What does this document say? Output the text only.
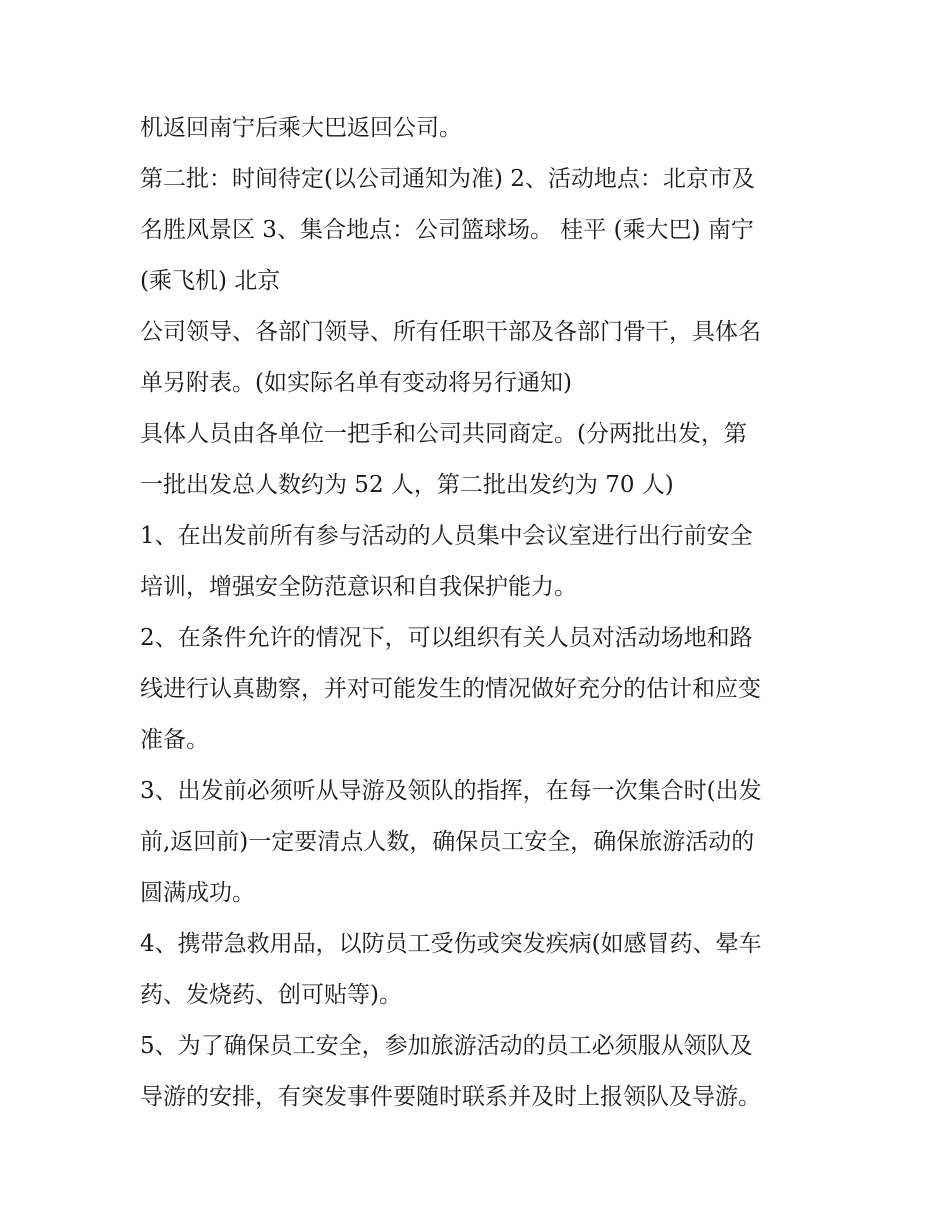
机返回南宁后乘大巴返回公司。
第二批：时间待定(以公司通知为准) 2、活动地点：北京市及
名胜风景区 3、集合地点：公司篮球场。 桂平 (乘大巴) 南宁
(乘飞机) 北京
公司领导、各部门领导、所有任职干部及各部门骨干，具体名
单另附表。(如实际名单有变动将另行通知)
具体人员由各单位一把手和公司共同商定。(分两批出发，第
一批出发总人数约为 52 人，第二批出发约为 70 人)
1、在出发前所有参与活动的人员集中会议室进行出行前安全
培训，增强安全防范意识和自我保护能力。
2、在条件允许的情况下，可以组织有关人员对活动场地和路
线进行认真勘察，并对可能发生的情况做好充分的估计和应变
准备。
3、出发前必须听从导游及领队的指挥，在每一次集合时(出发
前,返回前)一定要清点人数，确保员工安全，确保旅游活动的
圆满成功。
4、携带急救用品，以防员工受伤或突发疾病(如感冒药、晕车
药、发烧药、创可贴等)。
5、为了确保员工安全，参加旅游活动的员工必须服从领队及
导游的安排，有突发事件要随时联系并及时上报领队及导游。
